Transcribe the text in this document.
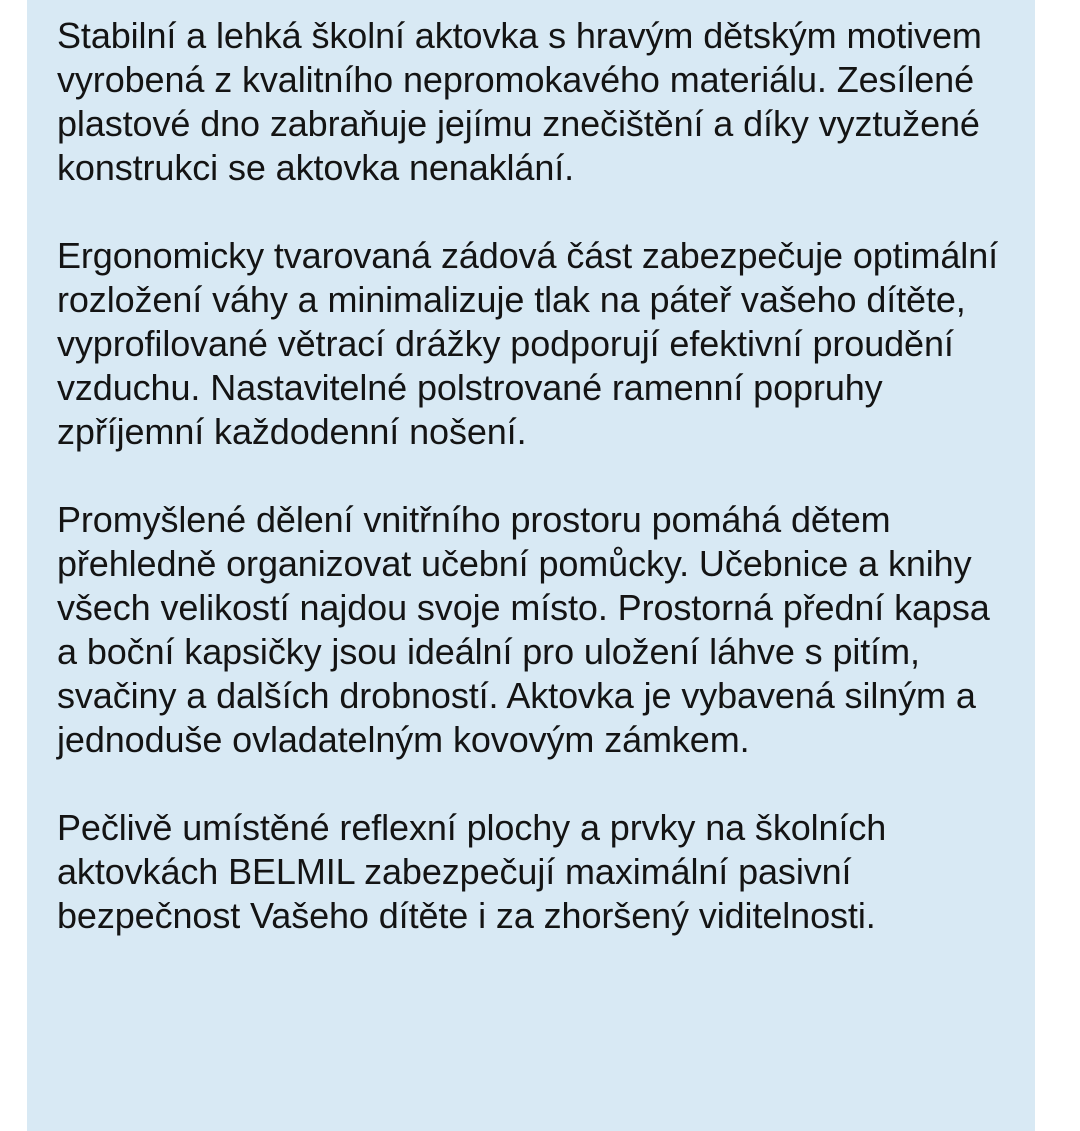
Stabilní a lehká školní aktovka s hravým dětským motivem vyrobená z kvalitního nepromokavého materiálu. Zesílené plastové dno zabraňuje jejímu znečištění a díky vyztužené konstrukci se aktovka nenaklání.

Ergonomicky tvarovaná zádová část zabezpečuje optimální rozložení váhy a minimalizuje tlak na páteř vašeho dítěte, vyprofilované větrací drážky podporují efektivní proudění vzduchu. Nastavitelné polstrované ramenní popruhy zpříjemní každodenní nošení.

Promyšlené dělení vnitřního prostoru pomáhá dětem přehledně organizovat učební pomůcky. Učebnice a knihy všech velikostí najdou svoje místo. Prostorná přední kapsa a boční kapsičky jsou ideální pro uložení láhve s pitím, svačiny a dalších drobností. Aktovka je vybavená silným a jednoduše ovladatelným kovovým zámkem.

Pečlivě umístěné reflexní plochy a prvky na školních aktovkách BELMIL zabezpečují maximální pasivní bezpečnost Vašeho dítěte i za zhoršený viditelnosti.
